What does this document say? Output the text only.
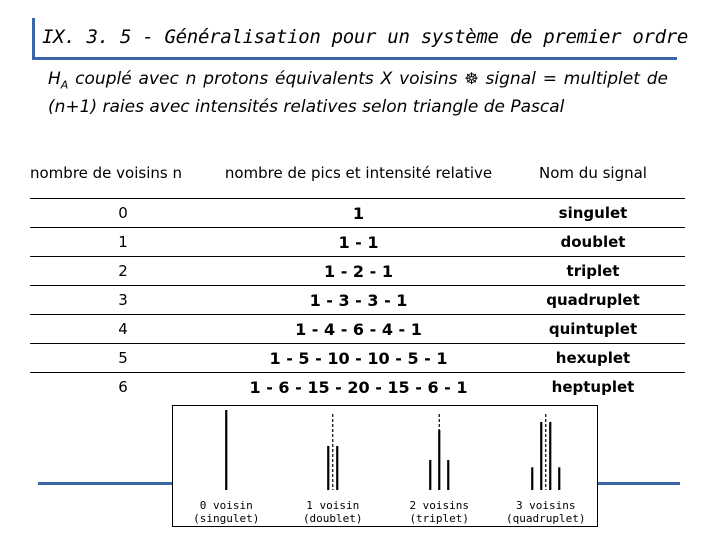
IX. 3. 5 - Généralisation pour un système de premier ordre
$H_A$ couplé avec n protons équivalents X voisins ☸ signal = multiplet de (n+1) raies avec intensités relatives selon triangle de Pascal
nombre de voisins n	nombre de pics et intensité relative	Nom du signal
0	1	singulet
1	1 - 1	doublet
2	1 - 2 - 1	triplet
3	1 - 3 - 3 - 1	quadruplet
4	1 - 4 - 6 - 4 - 1	quintuplet
5	1 - 5 - 10 - 10 - 5 - 1	hexuplet
6	1 - 6 - 15 - 20 - 15 - 6 - 1	heptuplet
0 voisin
(singulet)
1 voisin
(doublet)
2 voisins
(triplet)
3 voisins
(quadruplet)
